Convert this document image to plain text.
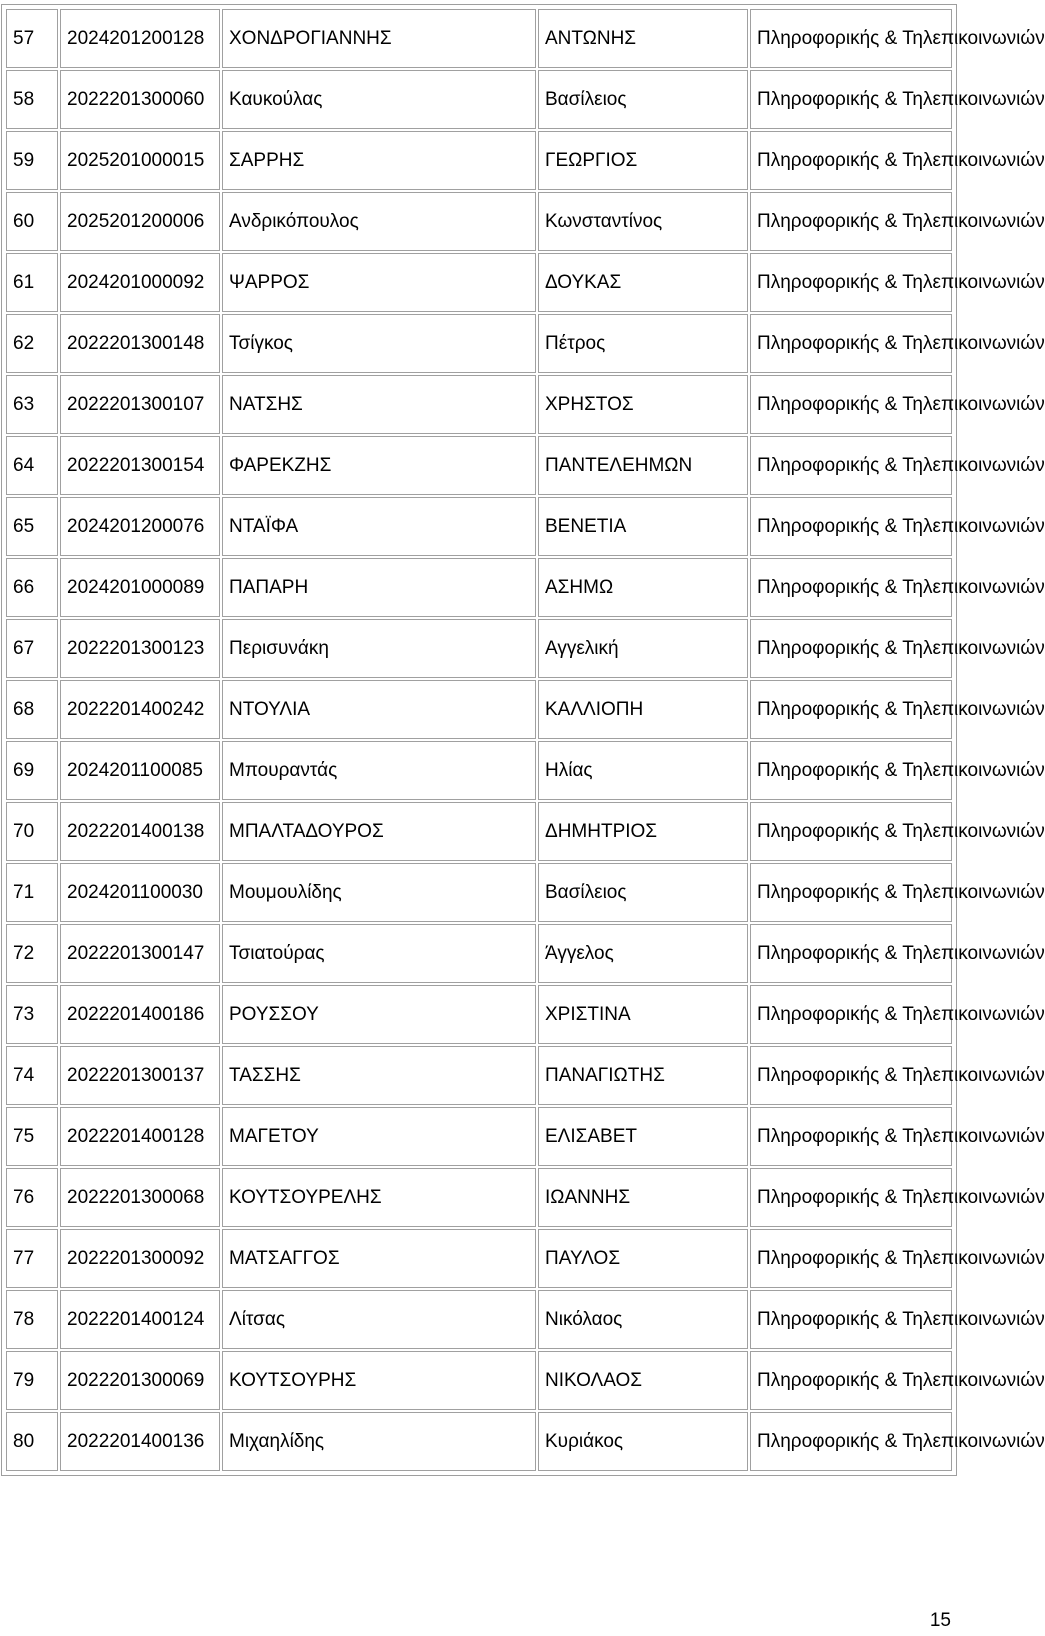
57	2024201200128	ΧΟΝΔΡΟΓΙΑΝΝΗΣ	ΑΝΤΩΝΗΣ	Πληροφορικής & Τηλεπικοινωνιών
58	2022201300060	Καυκούλας	Βασίλειος	Πληροφορικής & Τηλεπικοινωνιών
59	2025201000015	ΣΑΡΡΗΣ	ΓΕΩΡΓΙΟΣ	Πληροφορικής & Τηλεπικοινωνιών
60	2025201200006	Ανδρικόπουλος	Κωνσταντίνος	Πληροφορικής & Τηλεπικοινωνιών
61	2024201000092	ΨΑΡΡΟΣ	ΔΟΥΚΑΣ	Πληροφορικής & Τηλεπικοινωνιών
62	2022201300148	Τσίγκος	Πέτρος	Πληροφορικής & Τηλεπικοινωνιών
63	2022201300107	ΝΑΤΣΗΣ	ΧΡΗΣΤΟΣ	Πληροφορικής & Τηλεπικοινωνιών
64	2022201300154	ΦΑΡΕΚΖΗΣ	ΠΑΝΤΕΛΕΗΜΩΝ	Πληροφορικής & Τηλεπικοινωνιών
65	2024201200076	ΝΤΑΪΦΑ	ΒΕΝΕΤΙΑ	Πληροφορικής & Τηλεπικοινωνιών
66	2024201000089	ΠΑΠΑΡΗ	ΑΣΗΜΩ	Πληροφορικής & Τηλεπικοινωνιών
67	2022201300123	Περισυνάκη	Αγγελική	Πληροφορικής & Τηλεπικοινωνιών
68	2022201400242	ΝΤΟΥΛΙΑ	ΚΑΛΛΙΟΠΗ	Πληροφορικής & Τηλεπικοινωνιών
69	2024201100085	Μπουραντάς	Ηλίας	Πληροφορικής & Τηλεπικοινωνιών
70	2022201400138	ΜΠΑΛΤΑΔΟΥΡΟΣ	ΔΗΜΗΤΡΙΟΣ	Πληροφορικής & Τηλεπικοινωνιών
71	2024201100030	Μουμουλίδης	Βασίλειος	Πληροφορικής & Τηλεπικοινωνιών
72	2022201300147	Τσιατούρας	Άγγελος	Πληροφορικής & Τηλεπικοινωνιών
73	2022201400186	ΡΟΥΣΣΟΥ	ΧΡΙΣΤΙΝΑ	Πληροφορικής & Τηλεπικοινωνιών
74	2022201300137	ΤΑΣΣΗΣ	ΠΑΝΑΓΙΩΤΗΣ	Πληροφορικής & Τηλεπικοινωνιών
75	2022201400128	ΜΑΓΕΤΟΥ	ΕΛΙΣΑΒΕΤ	Πληροφορικής & Τηλεπικοινωνιών
76	2022201300068	ΚΟΥΤΣΟΥΡΕΛΗΣ	ΙΩΑΝΝΗΣ	Πληροφορικής & Τηλεπικοινωνιών
77	2022201300092	ΜΑΤΣΑΓΓΟΣ	ΠΑΥΛΟΣ	Πληροφορικής & Τηλεπικοινωνιών
78	2022201400124	Λίτσας	Νικόλαος	Πληροφορικής & Τηλεπικοινωνιών
79	2022201300069	ΚΟΥΤΣΟΥΡΗΣ	ΝΙΚΟΛΑΟΣ	Πληροφορικής & Τηλεπικοινωνιών
80	2022201400136	Μιχαηλίδης	Κυριάκος	Πληροφορικής & Τηλεπικοινωνιών
15
